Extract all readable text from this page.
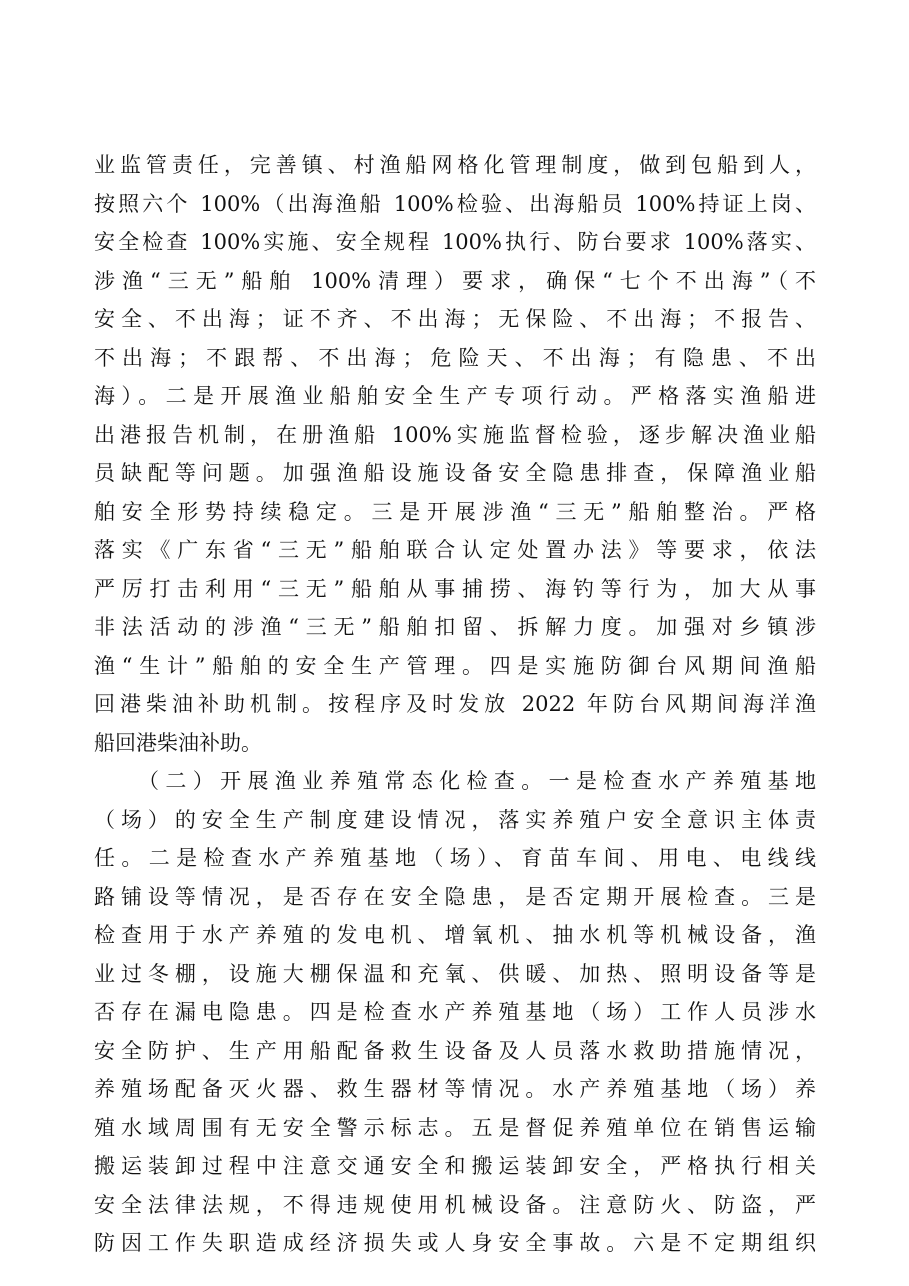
业监管责任，完善镇、村渔船网格化管理制度，做到包船到人，
按照六个 100%（出海渔船 100%检验、出海船员 100%持证上岗、
安全检查 100%实施、安全规程 100%执行、防台要求 100%落实、
涉渔“三无”船舶 100%清理）要求，确保“七个不出海”（不
安全、不出海；证不齐、不出海；无保险、不出海；不报告、
不出海；不跟帮、不出海；危险天、不出海；有隐患、不出
海）。二是开展渔业船舶安全生产专项行动。严格落实渔船进
出港报告机制，在册渔船 100%实施监督检验，逐步解决渔业船
员缺配等问题。加强渔船设施设备安全隐患排查，保障渔业船
舶安全形势持续稳定。三是开展涉渔“三无”船舶整治。严格
落实《广东省“三无”船舶联合认定处置办法》等要求，依法
严厉打击利用“三无”船舶从事捕捞、海钓等行为，加大从事
非法活动的涉渔“三无”船舶扣留、拆解力度。加强对乡镇涉
渔“生计”船舶的安全生产管理。四是实施防御台风期间渔船
回港柴油补助机制。按程序及时发放 2022 年防台风期间海洋渔
船回港柴油补助。
（二）开展渔业养殖常态化检查。一是检查水产养殖基地
（场）的安全生产制度建设情况，落实养殖户安全意识主体责
任。二是检查水产养殖基地（场）、育苗车间、用电、电线线
路铺设等情况，是否存在安全隐患，是否定期开展检查。三是
检查用于水产养殖的发电机、增氧机、抽水机等机械设备，渔
业过冬棚，设施大棚保温和充氧、供暖、加热、照明设备等是
否存在漏电隐患。四是检查水产养殖基地（场）工作人员涉水
安全防护、生产用船配备救生设备及人员落水救助措施情况，
养殖场配备灭火器、救生器材等情况。水产养殖基地（场）养
殖水域周围有无安全警示标志。五是督促养殖单位在销售运输
搬运装卸过程中注意交通安全和搬运装卸安全，严格执行相关
安全法律法规，不得违规使用机械设备。注意防火、防盗，严
防因工作失职造成经济损失或人身安全事故。六是不定期组织
